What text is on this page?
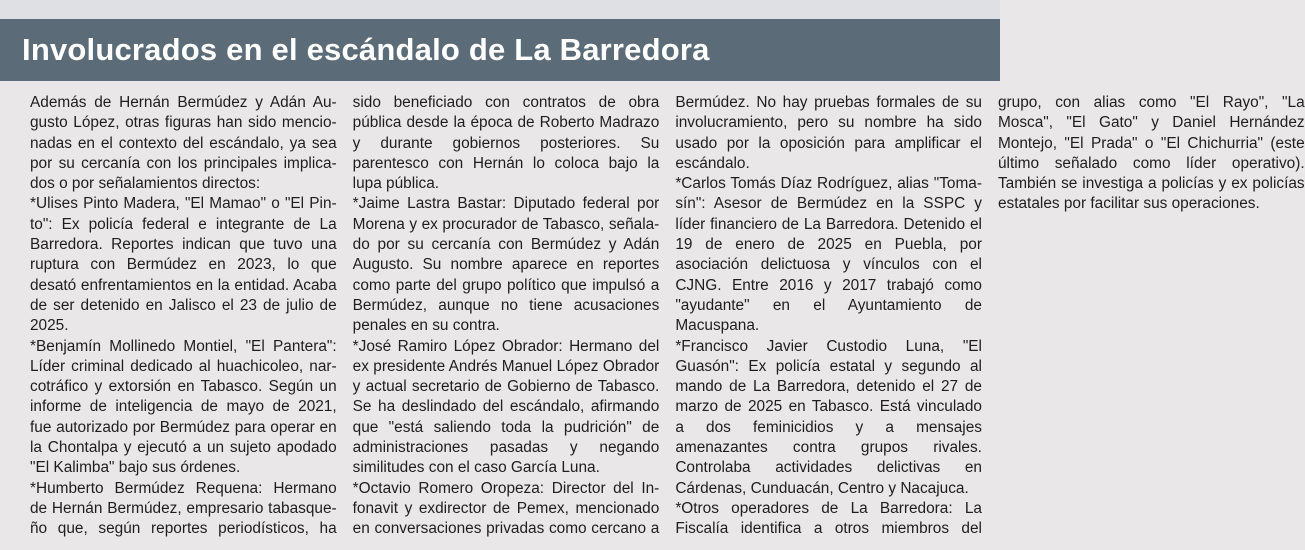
Involucrados en el escándalo de La Barredora

Además de Hernán Bermúdez y Adán Augusto López, otras figuras han sido mencionadas en el contexto del escándalo, ya sea por su cercanía con los principales implicados o por señalamientos directos:

*Ulises Pinto Madera, "El Mamao" o "El Pinto": Ex policía federal e integrante de La Barredora. Reportes indican que tuvo una ruptura con Bermúdez en 2023, lo que desató enfrentamientos en la entidad. Acaba de ser detenido en Jalisco el 23 de julio de 2025.

*Benjamín Mollinedo Montiel, "El Pantera": Líder criminal dedicado al huachicoleo, narcotráfico y extorsión en Tabasco. Según un informe de inteligencia de mayo de 2021, fue autorizado por Bermúdez para operar en la Chontalpa y ejecutó a un sujeto apodado "El Kalimba" bajo sus órdenes.

*Humberto Bermúdez Requena: Hermano de Hernán Bermúdez, empresario tabasqueño que, según reportes periodísticos, ha sido beneficiado con contratos de obra pública desde la época de Roberto Madrazo y durante gobiernos posteriores. Su parentesco con Hernán lo coloca bajo la lupa pública.

*Jaime Lastra Bastar: Diputado federal por Morena y ex procurador de Tabasco, señalado por su cercanía con Bermúdez y Adán Augusto. Su nombre aparece en reportes como parte del grupo político que impulsó a Bermúdez, aunque no tiene acusaciones penales en su contra.

*José Ramiro López Obrador: Hermano del ex presidente Andrés Manuel López Obrador y actual secretario de Gobierno de Tabasco. Se ha deslindado del escándalo, afirmando que "está saliendo toda la pudrición" de administraciones pasadas y negando similitudes con el caso García Luna.

*Octavio Romero Oropeza: Director del Infonavit y exdirector de Pemex, mencionado en conversaciones privadas como cercano a Bermúdez. No hay pruebas formales de su involucramiento, pero su nombre ha sido usado por la oposición para amplificar el escándalo.

*Carlos Tomás Díaz Rodríguez, alias "Tomasín": Asesor de Bermúdez en la SSPC y líder financiero de La Barredora. Detenido el 19 de enero de 2025 en Puebla, por asociación delictuosa y vínculos con el CJNG. Entre 2016 y 2017 trabajó como "ayudante" en el Ayuntamiento de Macuspana.

*Francisco Javier Custodio Luna, "El Guasón": Ex policía estatal y segundo al mando de La Barredora, detenido el 27 de marzo de 2025 en Tabasco. Está vinculado a dos feminicidios y a mensajes amenazantes contra grupos rivales. Controlaba actividades delictivas en Cárdenas, Cunduacán, Centro y Nacajuca.

*Otros operadores de La Barredora: La Fiscalía identifica a otros miembros del grupo, con alias como "El Rayo", "La Mosca", "El Gato" y Daniel Hernández Montejo, "El Prada" o "El Chichurria" (este último señalado como líder operativo). También se investiga a policías y ex policías estatales por facilitar sus operaciones.
